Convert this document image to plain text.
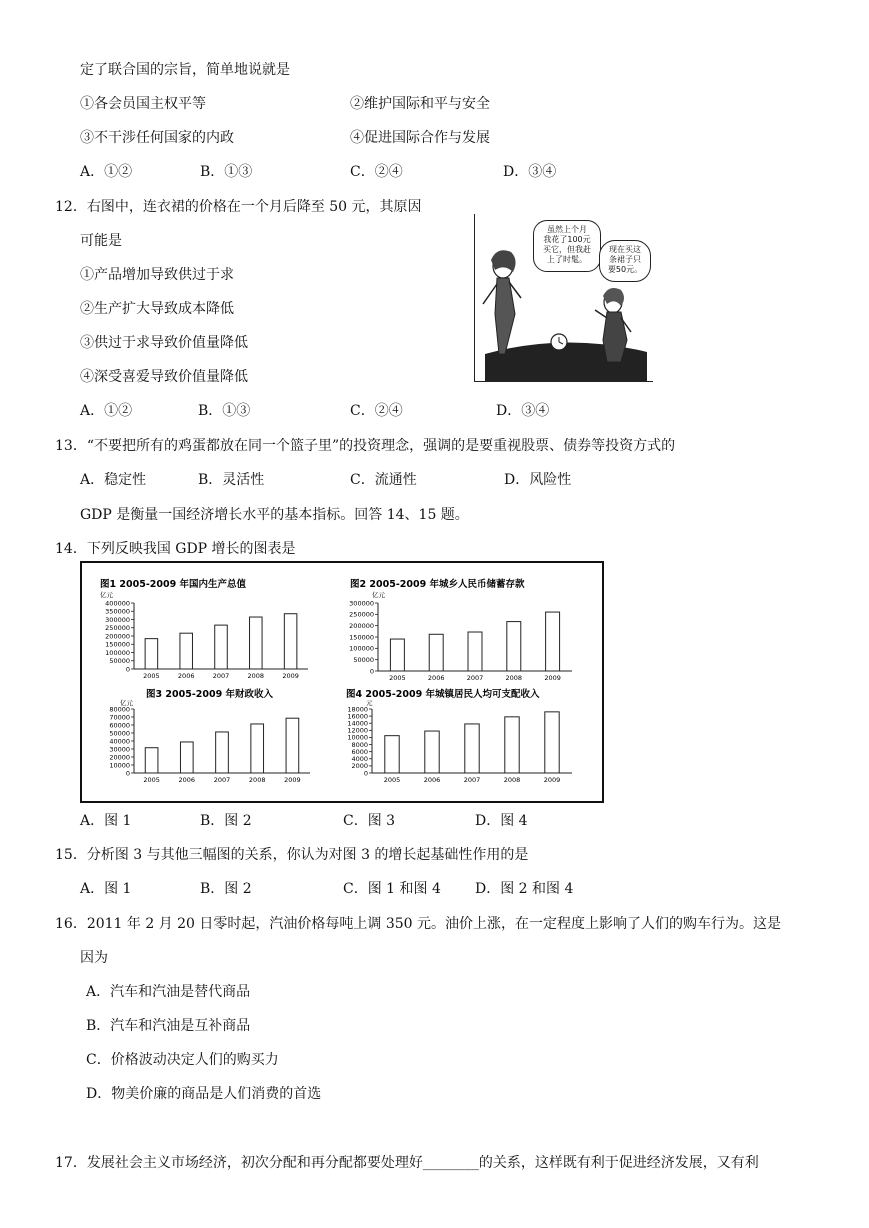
定了联合国的宗旨，简单地说就是
①各会员国主权平等	②维护国际和平与安全
③不干涉任何国家的内政	④促进国际合作与发展
A．①②	B．①③	C．②④	D．③④
12．右图中，连衣裙的价格在一个月后降至 50 元，其原因
可能是
①产品增加导致供过于求
②生产扩大导致成本降低
③供过于求导致价值量降低
④深受喜爱导致价值量降低
A．①②	B．①③	C．②④	D．③④
虽然上个月
我花了100元
买它，但我赶
上了时髦。
现在买这
条裙子只
要50元。
13．“不要把所有的鸡蛋都放在同一个篮子里”的投资理念，强调的是要重视股票、债券等投资方式的
A．稳定性	B．灵活性	C．流通性	D．风险性
GDP 是衡量一国经济增长水平的基本指标。回答 14、15 题。
14．下列反映我国 GDP 增长的图表是
图1 2005-2009 年国内生产总值
亿元
0
50000
100000
150000
200000
250000
300000
350000
400000
2005	2006	2007	2008	2009
图2 2005-2009 年城乡人民币储蓄存款
亿元
0
50000
100000
150000
200000
250000
300000
2005	2006	2007	2008	2009
图3 2005-2009 年财政收入
亿元
0
10000
20000
30000
40000
50000
60000
70000
80000
2005	2006	2007	2008	2009
图4 2005-2009 年城镇居民人均可支配收入
元
0
2000
4000
6000
8000
10000
12000
14000
16000
18000
2005	2006	2007	2008	2009
A．图 1	B．图 2	C．图 3	D．图 4
15．分析图 3 与其他三幅图的关系，你认为对图 3 的增长起基础性作用的是
A．图 1	B．图 2	C．图 1 和图 4 D．图 2 和图 4
16．2011 年 2 月 20 日零时起，汽油价格每吨上调 350 元。油价上涨，在一定程度上影响了人们的购车行为。这是
因为
A．汽车和汽油是替代商品
B．汽车和汽油是互补商品
C．价格波动决定人们的购买力
D．物美价廉的商品是人们消费的首选
17．发展社会主义市场经济，初次分配和再分配都要处理好________的关系，这样既有利于促进经济发展，又有利
